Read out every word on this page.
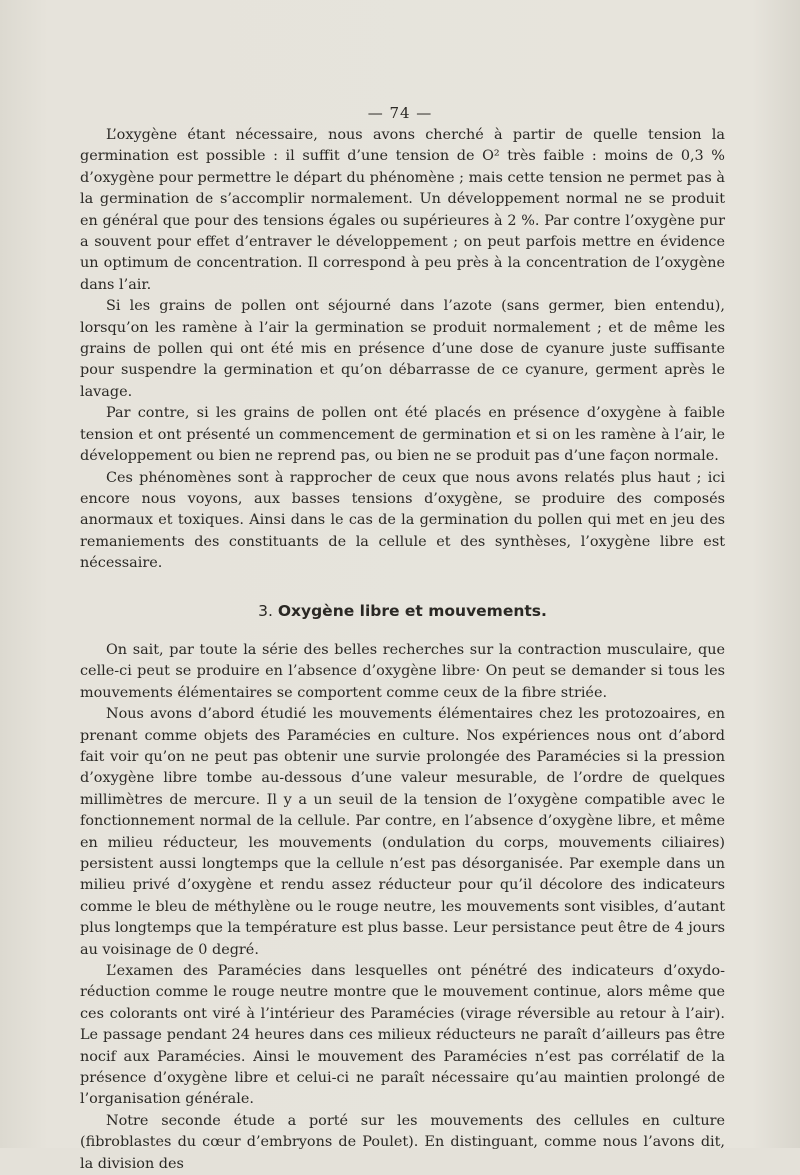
— 74 —

L’oxygène étant nécessaire, nous avons cherché à partir de quelle tension la germination est possible : il suffit d’une tension de O² très faible : moins de 0,3 % d’oxygène pour permettre le départ du phénomène ; mais cette tension ne permet pas à la germination de s’accomplir normalement. Un développement normal ne se produit en général que pour des tensions égales ou supérieures à 2 %. Par contre l’oxygène pur a souvent pour effet d’entraver le développement ; on peut parfois mettre en évidence un optimum de concentration. Il correspond à peu près à la concentration de l’oxygène dans l’air.

Si les grains de pollen ont séjourné dans l’azote (sans germer, bien entendu), lorsqu’on les ramène à l’air la germination se produit normalement ; et de même les grains de pollen qui ont été mis en présence d’une dose de cyanure juste suffisante pour suspendre la germination et qu’on débarrasse de ce cyanure, germent après le lavage.

Par contre, si les grains de pollen ont été placés en présence d’oxygène à faible tension et ont présenté un commencement de germination et si on les ramène à l’air, le développement ou bien ne reprend pas, ou bien ne se produit pas d’une façon normale.

Ces phénomènes sont à rapprocher de ceux que nous avons relatés plus haut ; ici encore nous voyons, aux basses tensions d’oxygène, se produire des composés anormaux et toxiques. Ainsi dans le cas de la germination du pollen qui met en jeu des remaniements des constituants de la cellule et des synthèses, l’oxygène libre est nécessaire.

3. Oxygène libre et mouvements.

On sait, par toute la série des belles recherches sur la contraction musculaire, que celle-ci peut se produire en l’absence d’oxygène libre· On peut se demander si tous les mouvements élémentaires se comportent comme ceux de la fibre striée.

Nous avons d’abord étudié les mouvements élémentaires chez les protozoaires, en prenant comme objets des Paramécies en culture. Nos expériences nous ont d’abord fait voir qu’on ne peut pas obtenir une survie prolongée des Paramécies si la pression d’oxygène libre tombe au-dessous d’une valeur mesurable, de l’ordre de quelques millimètres de mercure. Il y a un seuil de la tension de l’oxygène compatible avec le fonctionnement normal de la cellule. Par contre, en l’absence d’oxygène libre, et même en milieu réducteur, les mouvements (ondulation du corps, mouvements ciliaires) persistent aussi longtemps que la cellule n’est pas désorganisée. Par exemple dans un milieu privé d’oxygène et rendu assez réducteur pour qu’il décolore des indicateurs comme le bleu de méthylène ou le rouge neutre, les mouvements sont visibles, d’autant plus longtemps que la température est plus basse. Leur persistance peut être de 4 jours au voisinage de 0 degré.

L’examen des Paramécies dans lesquelles ont pénétré des indicateurs d’oxydo-réduction comme le rouge neutre montre que le mouvement continue, alors même que ces colorants ont viré à l’intérieur des Paramécies (virage réversible au retour à l’air). Le passage pendant 24 heures dans ces milieux réducteurs ne paraît d’ailleurs pas être nocif aux Paramécies. Ainsi le mouvement des Paramécies n’est pas corrélatif de la présence d’oxygène libre et celui-ci ne paraît nécessaire qu’au maintien prolongé de l’organisation générale.

Notre seconde étude a porté sur les mouvements des cellules en culture (fibroblastes du cœur d’embryons de Poulet). En distinguant, comme nous l’avons dit, la division des
